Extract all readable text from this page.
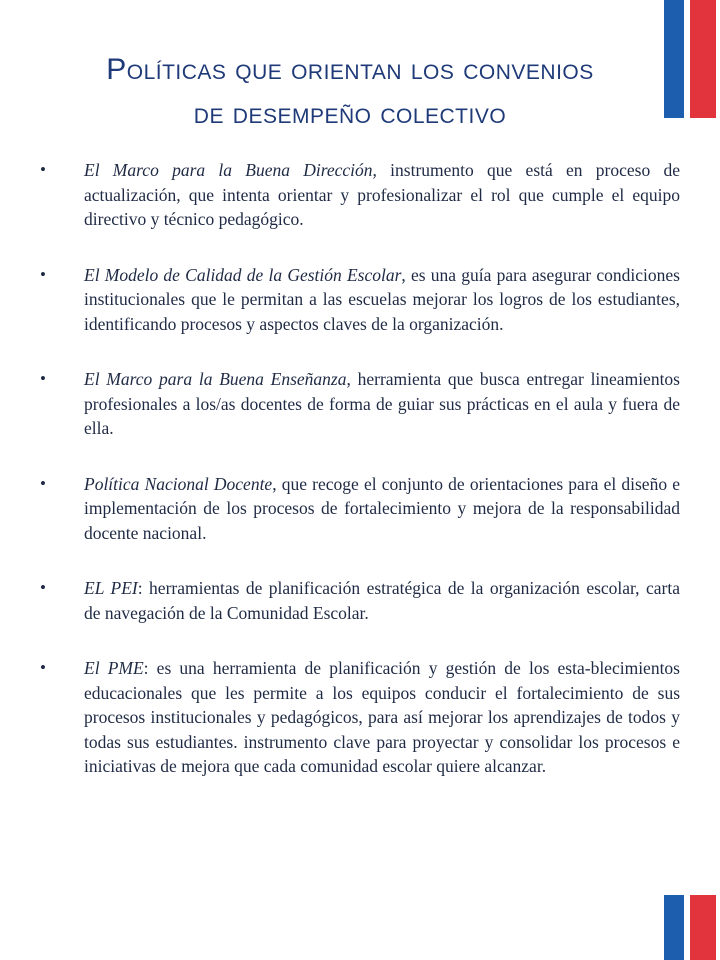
Políticas que orientan los convenios
de desempeño colectivo
• El Marco para la Buena Dirección, instrumento que está en proceso de actualización, que intenta orientar y profesionalizar el rol que cumple el equipo directivo y técnico pedagógico.
• El Modelo de Calidad de la Gestión Escolar, es una guía para asegurar condiciones institucionales que le permitan a las escuelas mejorar los logros de los estudiantes, identificando procesos y aspectos claves de la organización.
• El Marco para la Buena Enseñanza, herramienta que busca entregar lineamientos profesionales a los/as docentes de forma de guiar sus prácticas en el aula y fuera de ella.
• Política Nacional Docente, que recoge el conjunto de orientaciones para el diseño e implementación de los procesos de fortalecimiento y mejora de la responsabilidad docente nacional.
• EL PEI: herramientas de planificación estratégica de la organización escolar, carta de navegación de la Comunidad Escolar.
• El PME: es una herramienta de planificación y gestión de los esta-blecimientos educacionales que les permite a los equipos conducir el fortalecimiento de sus procesos institucionales y pedagógicos, para así mejorar los aprendizajes de todos y todas sus estudiantes. instrumento clave para proyectar y consolidar los procesos e iniciativas de mejora que cada comunidad escolar quiere alcanzar.
